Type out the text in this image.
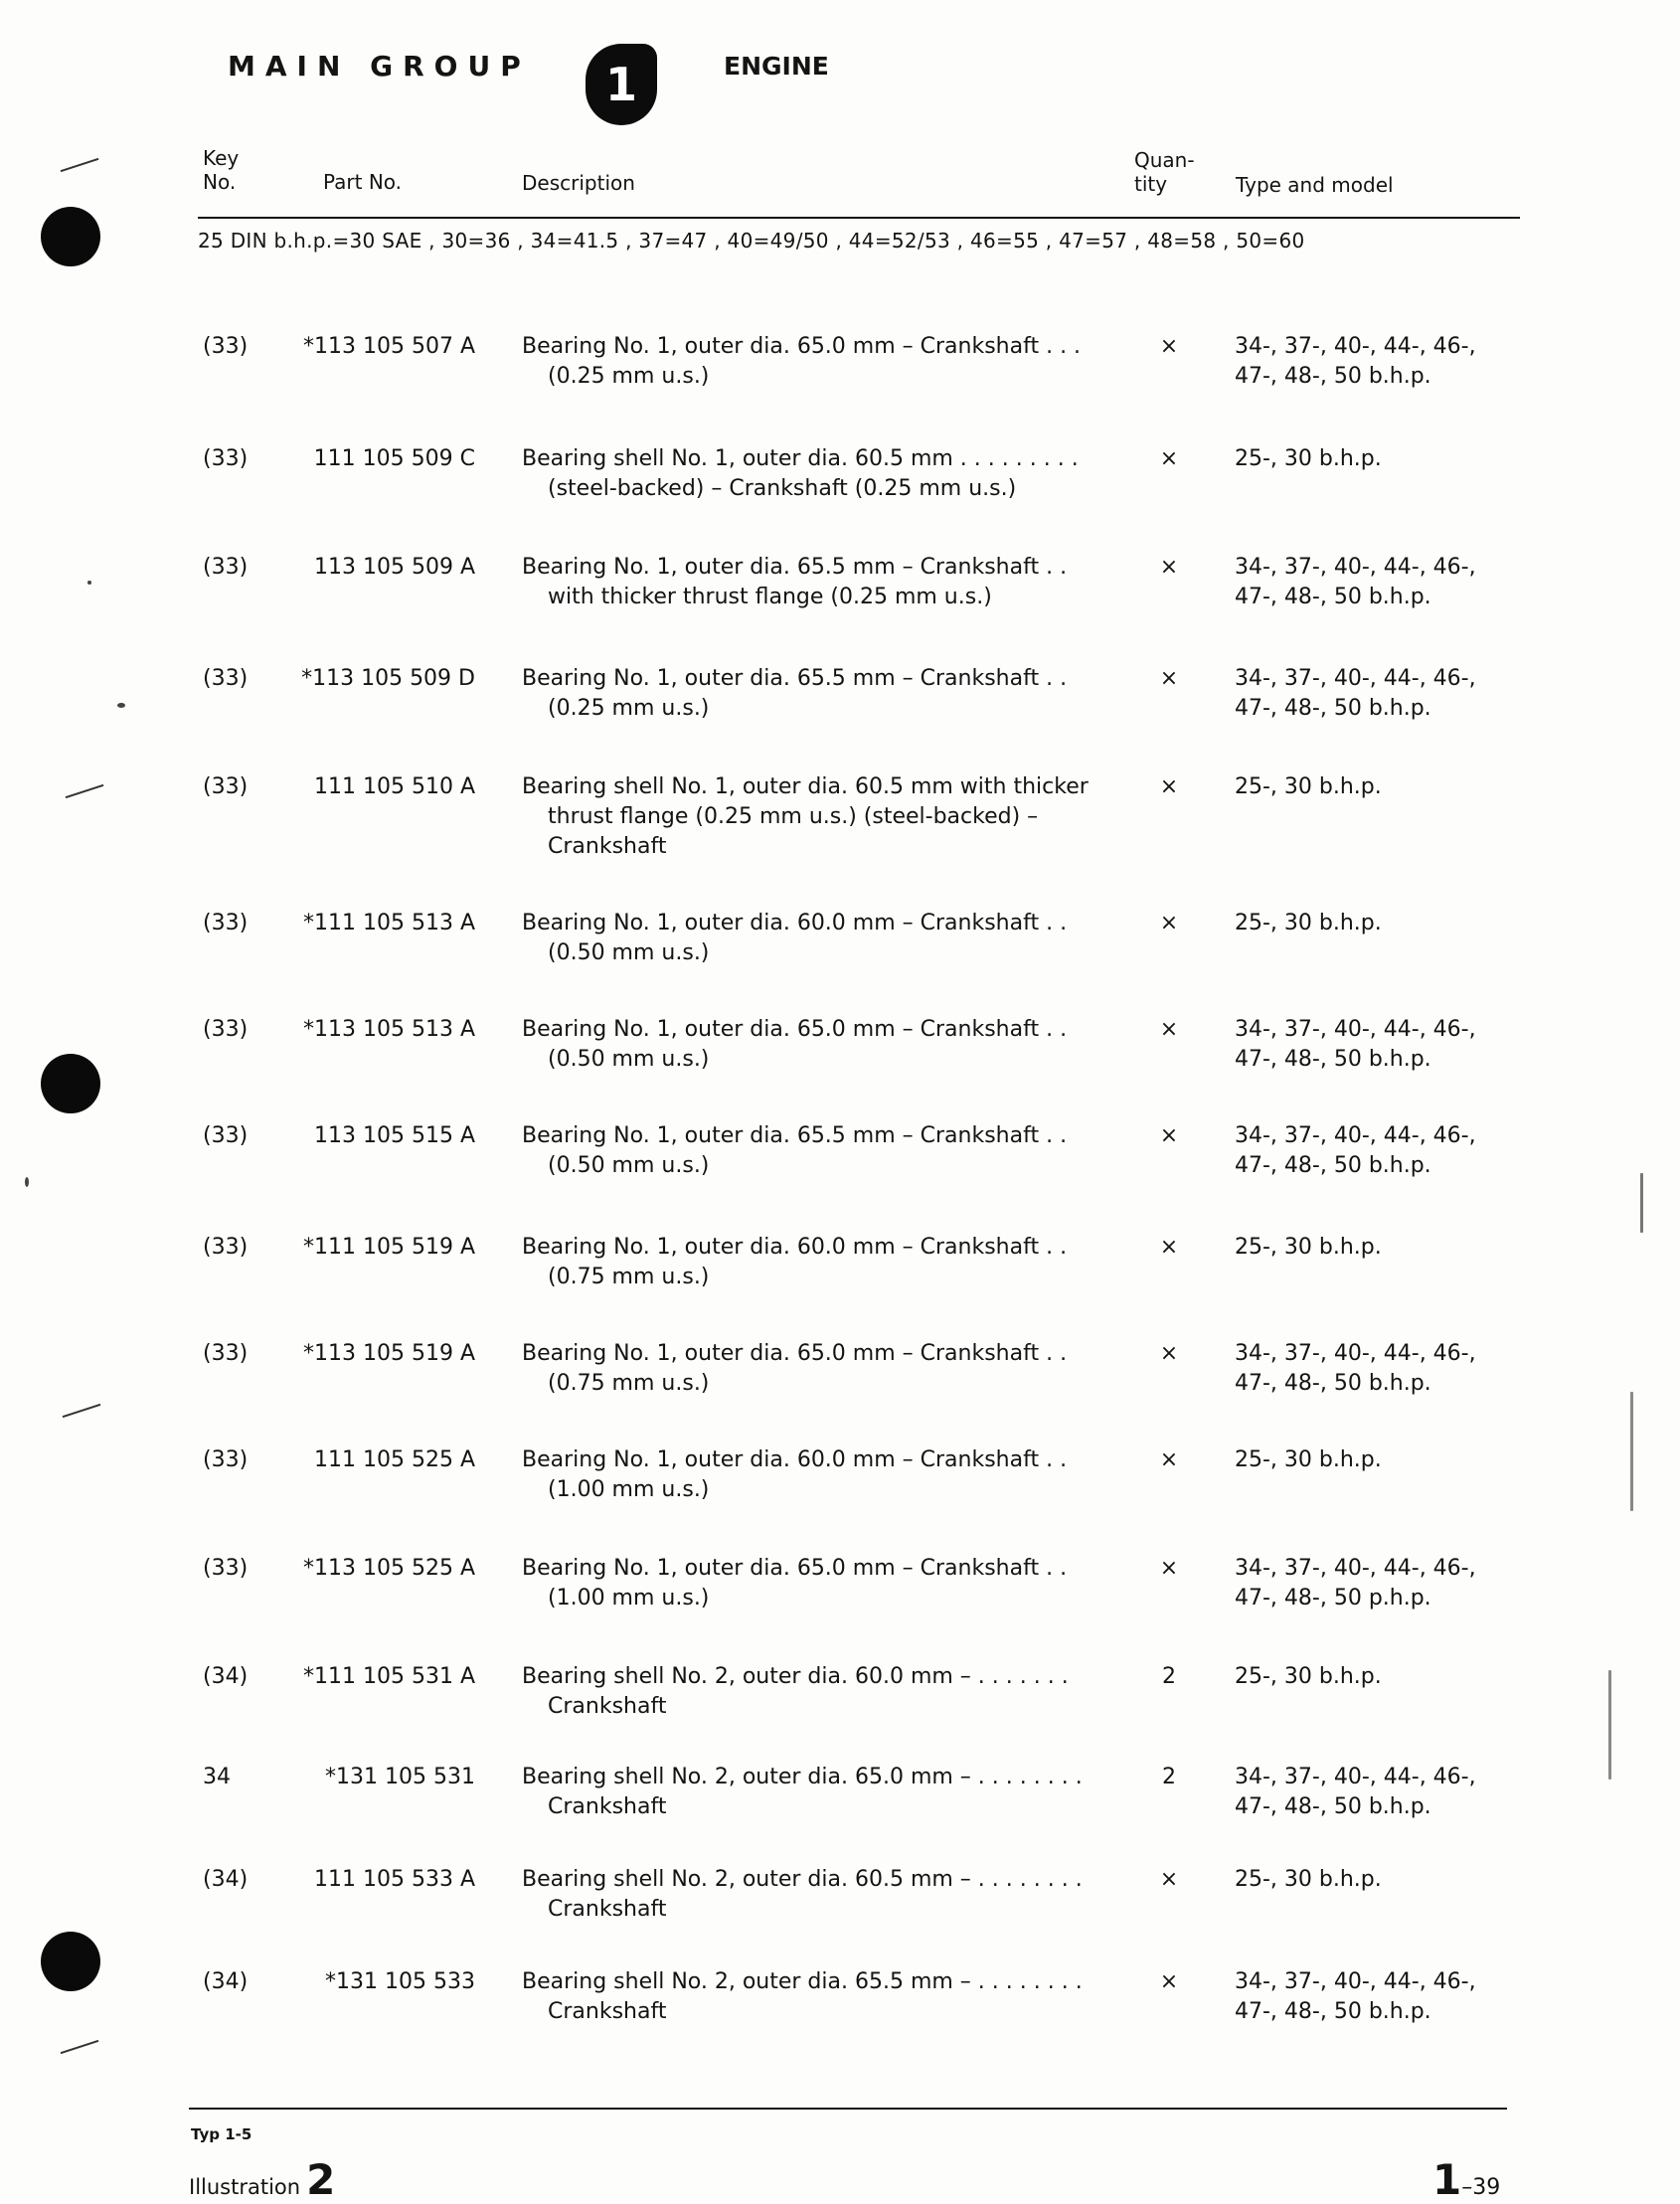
MAIN GROUP 1	ENGINE
Key
No.	Part No.	Description
Quan-
tity	Type and model
25 DIN b.h.p.=30 SAE , 30=36 , 34=41.5 , 37=47 , 40=49/50 , 44=52/53 , 46=55 , 47=57 , 48=58 , 50=60
(33)	*113 105 507 A Bearing No. 1, outer dia. 65.0 mm – Crankshaft . . .
(0.25 mm u.s.)
×	34-, 37-, 40-, 44-, 46-,
47-, 48-, 50 b.h.p.
(33)	111 105 509 C Bearing shell No. 1, outer dia. 60.5 mm . . . . . . . . .
(steel-backed) – Crankshaft (0.25 mm u.s.)
×	25-, 30 b.h.p.
(33)	113 105 509 A Bearing No. 1, outer dia. 65.5 mm – Crankshaft . .
with thicker thrust flange (0.25 mm u.s.)
×	34-, 37-, 40-, 44-, 46-,
47-, 48-, 50 b.h.p.
(33)	*113 105 509 D Bearing No. 1, outer dia. 65.5 mm – Crankshaft . .
(0.25 mm u.s.)
×	34-, 37-, 40-, 44-, 46-,
47-, 48-, 50 b.h.p.
(33)	111 105 510 A Bearing shell No. 1, outer dia. 60.5 mm with thicker
thrust flange (0.25 mm u.s.) (steel-backed) –
Crankshaft
×	25-, 30 b.h.p.
(33)	*111 105 513 A Bearing No. 1, outer dia. 60.0 mm – Crankshaft . .
(0.50 mm u.s.)
×	25-, 30 b.h.p.
(33)	*113 105 513 A Bearing No. 1, outer dia. 65.0 mm – Crankshaft . .
(0.50 mm u.s.)
×	34-, 37-, 40-, 44-, 46-,
47-, 48-, 50 b.h.p.
(33)	113 105 515 A Bearing No. 1, outer dia. 65.5 mm – Crankshaft . .
(0.50 mm u.s.)
×	34-, 37-, 40-, 44-, 46-,
47-, 48-, 50 b.h.p.
(33)	*111 105 519 A Bearing No. 1, outer dia. 60.0 mm – Crankshaft . .
(0.75 mm u.s.)
×	25-, 30 b.h.p.
(33)	*113 105 519 A Bearing No. 1, outer dia. 65.0 mm – Crankshaft . .
(0.75 mm u.s.)
×	34-, 37-, 40-, 44-, 46-,
47-, 48-, 50 b.h.p.
(33)	111 105 525 A Bearing No. 1, outer dia. 60.0 mm – Crankshaft . .
(1.00 mm u.s.)
×	25-, 30 b.h.p.
(33)	*113 105 525 A Bearing No. 1, outer dia. 65.0 mm – Crankshaft . .
(1.00 mm u.s.)
×	34-, 37-, 40-, 44-, 46-,
47-, 48-, 50 p.h.p.
(34)	*111 105 531 A Bearing shell No. 2, outer dia. 60.0 mm – . . . . . . .
Crankshaft
2	25-, 30 b.h.p.
34	*131 105 531 Bearing shell No. 2, outer dia. 65.0 mm – . . . . . . . .
Crankshaft
2	34-, 37-, 40-, 44-, 46-,
47-, 48-, 50 b.h.p.
(34)	111 105 533 A Bearing shell No. 2, outer dia. 60.5 mm – . . . . . . . .
Crankshaft
×	25-, 30 b.h.p.
(34)	*131 105 533 Bearing shell No. 2, outer dia. 65.5 mm – . . . . . . . .
Crankshaft
×	34-, 37-, 40-, 44-, 46-,
47-, 48-, 50 b.h.p.
Typ 1-5
Illustration 2	1–39
